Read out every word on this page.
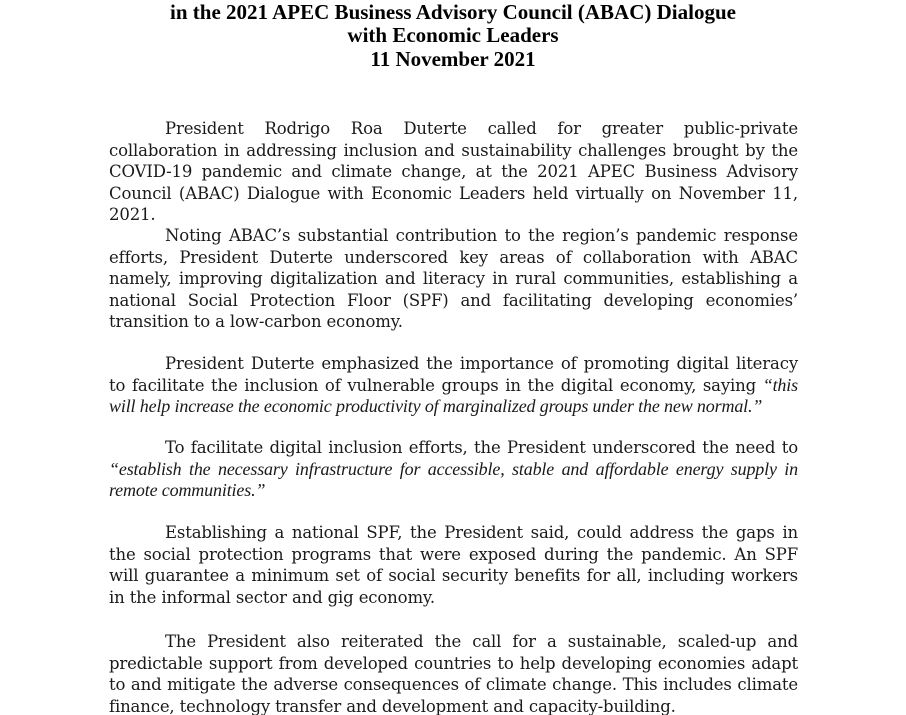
in the 2021 APEC Business Advisory Council (ABAC) Dialogue
with Economic Leaders
11 November 2021

President Rodrigo Roa Duterte called for greater public-private collaboration in addressing inclusion and sustainability challenges brought by the COVID-19 pandemic and climate change, at the 2021 APEC Business Advisory Council (ABAC) Dialogue with Economic Leaders held virtually on November 11, 2021.

Noting ABAC’s substantial contribution to the region’s pandemic response efforts, President Duterte underscored key areas of collaboration with ABAC namely, improving digitalization and literacy in rural communities, establishing a national Social Protection Floor (SPF) and facilitating developing economies’ transition to a low-carbon economy.

President Duterte emphasized the importance of promoting digital literacy to facilitate the inclusion of vulnerable groups in the digital economy, saying “this will help increase the economic productivity of marginalized groups under the new normal.”

To facilitate digital inclusion efforts, the President underscored the need to “establish the necessary infrastructure for accessible, stable and affordable energy supply in remote communities.”

Establishing a national SPF, the President said, could address the gaps in the social protection programs that were exposed during the pandemic. An SPF will guarantee a minimum set of social security benefits for all, including workers in the informal sector and gig economy.

The President also reiterated the call for a sustainable, scaled-up and predictable support from developed countries to help developing economies adapt to and mitigate the adverse consequences of climate change. This includes climate finance, technology transfer and development and capacity-building.
